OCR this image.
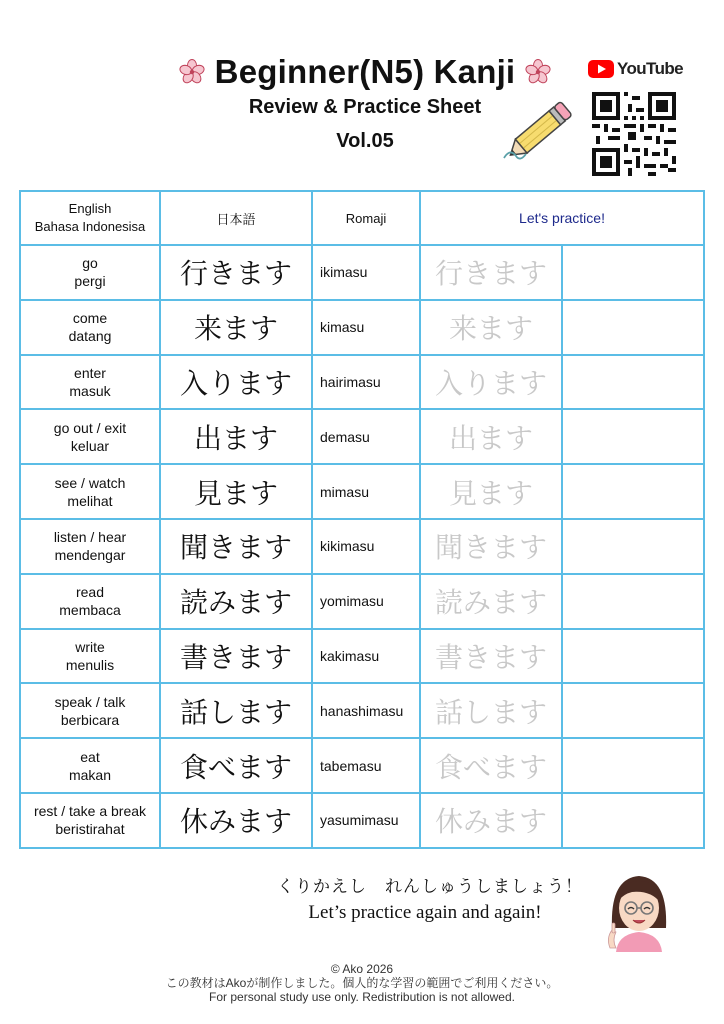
Beginner(N5) Kanji
Review & Practice Sheet
Vol.05
YouTube
English
Bahasa Indonesisa	日本語	Romaji	Let's practice!	

go
pergi	行きます	ikimasu	行きます	

come
datang	来ます	kimasu	来ます	

enter
masuk	入ります	hairimasu	入ります	

go out / exit
keluar	出ます	demasu	出ます	

see / watch
melihat	見ます	mimasu	見ます	

listen / hear
mendengar	聞きます	kikimasu	聞きます	

read
membaca	読みます	yomimasu	読みます	

write
menulis	書きます	kakimasu	書きます	

speak / talk
berbicara	話します	hanashimasu	話します	

eat
makan	食べます	tabemasu	食べます	

rest / take a break
beristirahat	休みます	yasumimasu	休みます	
くりかえし　れんしゅうしましょう！
Let’s practice again and again!
© Ako 2026
この教材はAkoが制作しました。個人的な学習の範囲でご利用ください。
For personal study use only. Redistribution is not allowed.
